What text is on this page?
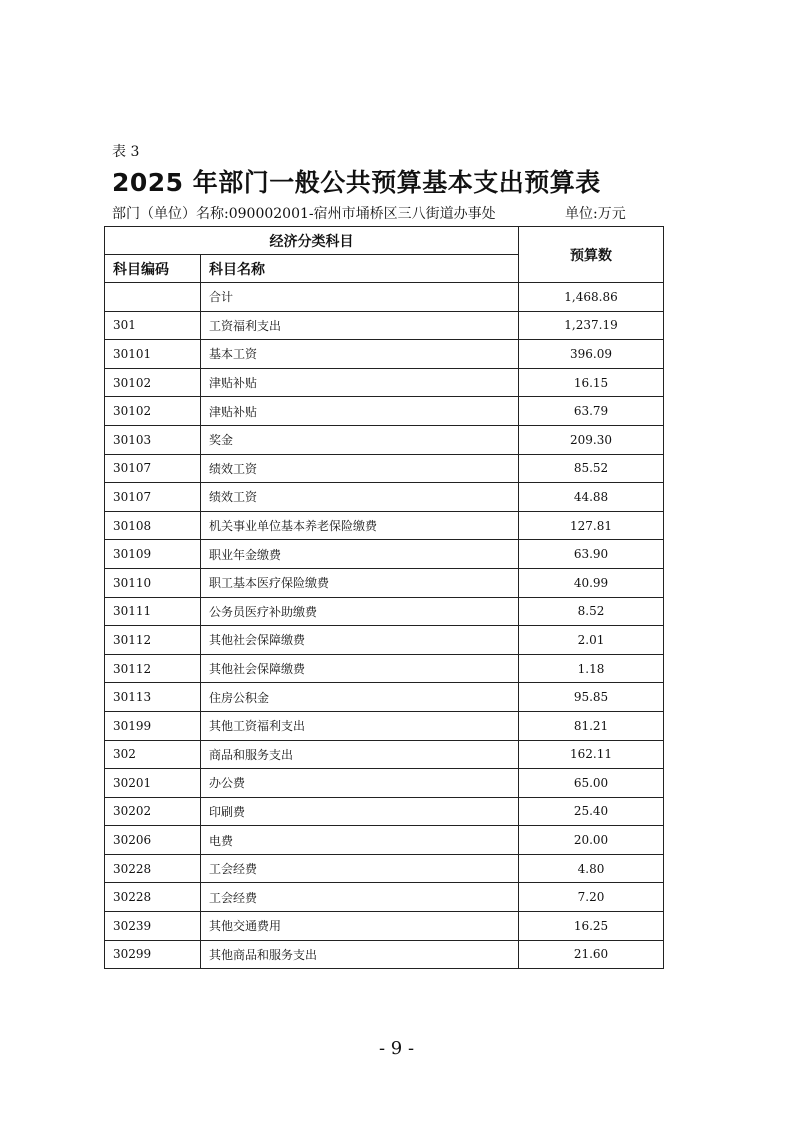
表 3
2025 年部门一般公共预算基本支出预算表
部门（单位）名称:090002001-宿州市埇桥区三八街道办事处	单位:万元
经济分类科目		预算数
科目编码	科目名称	
	合计	1,468.86
301	工资福利支出	1,237.19
30101	基本工资	396.09
30102	津贴补贴	16.15
30102	津贴补贴	63.79
30103	奖金	209.30
30107	绩效工资	85.52
30107	绩效工资	44.88
30108	机关事业单位基本养老保险缴费	127.81
30109	职业年金缴费	63.90
30110	职工基本医疗保险缴费	40.99
30111	公务员医疗补助缴费	8.52
30112	其他社会保障缴费	2.01
30112	其他社会保障缴费	1.18
30113	住房公积金	95.85
30199	其他工资福利支出	81.21
302	商品和服务支出	162.11
30201	办公费	65.00
30202	印刷费	25.40
30206	电费	20.00
30228	工会经费	4.80
30228	工会经费	7.20
30239	其他交通费用	16.25
30299	其他商品和服务支出	21.60
- 9 -
